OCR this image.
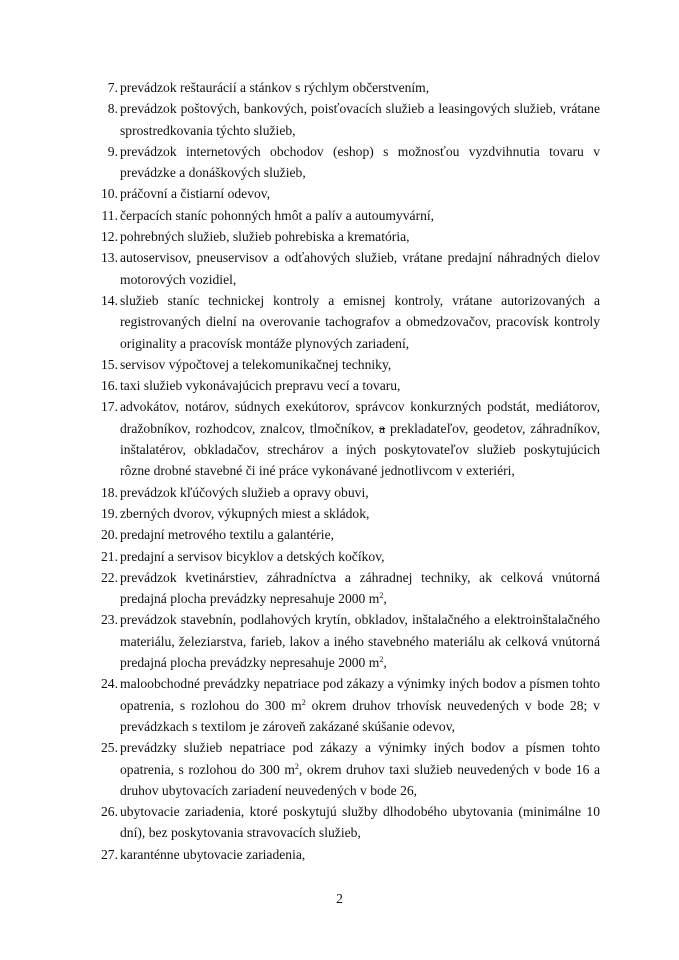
7. prevádzok reštaurácií a stánkov s rýchlym občerstvením,
8. prevádzok poštových, bankových, poisťovacích služieb a leasingových služieb, vrátane sprostredkovania týchto služieb,
9. prevádzok internetových obchodov (eshop) s možnosťou vyzdvihnutia tovaru v prevádzke a donáškových služieb,
10. práčovní a čistiarní odevov,
11. čerpacích staníc pohonných hmôt a palív a autoumyvární,
12. pohrebných služieb, služieb pohrebiska a krematória,
13. autoservisov, pneuservisov a odťahových služieb, vrátane predajní náhradných dielov motorových vozidiel,
14. služieb staníc technickej kontroly a emisnej kontroly, vrátane autorizovaných a registrovaných dielní na overovanie tachografov a obmedzovačov, pracovísk kontroly originality a pracovísk montáže plynových zariadení,
15. servisov výpočtovej a telekomunikačnej techniky,
16. taxi služieb vykonávajúcich prepravu vecí a tovaru,
17. advokátov, notárov, súdnych exekútorov, správcov konkurzných podstát, mediátorov, dražobníkov, rozhodcov, znalcov, tlmočníkov, a prekladateľov, geodetov, záhradníkov, inštalatérov, obkladačov, strechárov a iných poskytovateľov služieb poskytujúcich rôzne drobné stavebné či iné práce vykonávané jednotlivcom v exteriéri,
18. prevádzok kľúčových služieb a opravy obuvi,
19. zberných dvorov, výkupných miest a skládok,
20. predajní metrového textilu a galantérie,
21. predajní a servisov bicyklov a detských kočíkov,
22. prevádzok kvetinárstiev, záhradníctva a záhradnej techniky, ak celková vnútorná predajná plocha prevádzky nepresahuje 2000 $m^2$,
23. prevádzok stavebnín, podlahových krytín, obkladov, inštalačného a elektroinštalačného materiálu, železiarstva, farieb, lakov a iného stavebného materiálu ak celková vnútorná predajná plocha prevádzky nepresahuje 2000 $m^2$,
24. maloobchodné prevádzky nepatriace pod zákazy a výnimky iných bodov a písmen tohto opatrenia, s rozlohou do 300 $m^2$ okrem druhov trhovísk neuvedených v bode 28; v prevádzkach s textilom je zároveň zakázané skúšanie odevov,
25. prevádzky služieb nepatriace pod zákazy a výnimky iných bodov a písmen tohto opatrenia, s rozlohou do 300 $m^2$, okrem druhov taxi služieb neuvedených v bode 16 a druhov ubytovacích zariadení neuvedených v bode 26,
26. ubytovacie zariadenia, ktoré poskytujú služby dlhodobého ubytovania (minimálne 10 dní), bez poskytovania stravovacích služieb,
27. karanténne ubytovacie zariadenia,
2
